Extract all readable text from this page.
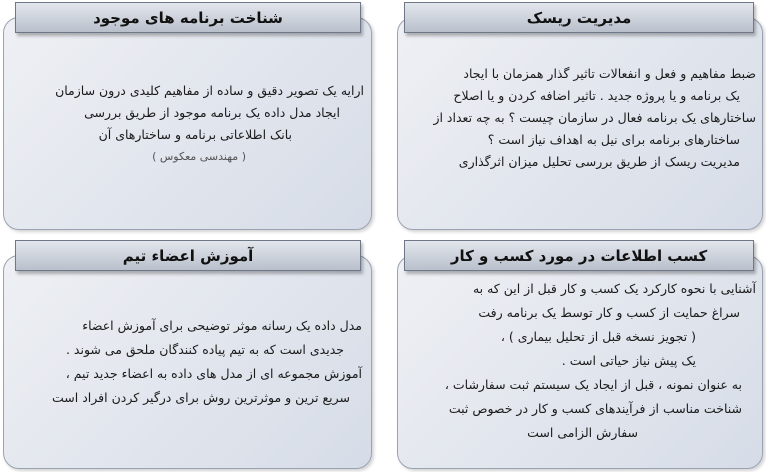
ضبط مفاهیم و فعل و انفعالات تاثیر گذار همزمان با ایجاد
یک برنامه و یا پروژه جدید . تاثیر اضافه کردن و یا اصلاح
ساختارهای یک برنامه فعال در سازمان چیست ؟ به چه تعداد از
ساختارهای برنامه برای نیل به اهداف نیاز است ؟
مدیریت ریسک از طریق بررسی تحلیل میزان اثرگذاری
مدیریت ریسک
ارایه یک تصویر دقیق و ساده از مفاهیم کلیدی درون سازمان
ایجاد مدل داده یک برنامه موجود از طریق بررسی
بانک اطلاعاتی برنامه و ساختارهای آن
( مهندسی معکوس )
شناخت برنامه های موجود
آشنایی با نحوه کارکرد یک کسب و کار قبل از این که به
سراغ حمایت از کسب و کار توسط یک برنامه رفت
( تجویز نسخه قبل از تحلیل بیماری ) ،
یک پیش نیاز حیاتی است .
به عنوان نمونه ، قبل از ایجاد یک سیستم ثبت سفارشات ،
شناخت مناسب از فرآیندهای کسب و کار در خصوص ثبت
سفارش الزامی است
کسب اطلاعات در مورد کسب و کار
مدل داده یک رسانه موثر توضیحی برای آموزش اعضاء
جدیدی است که به تیم پیاده کنندگان ملحق می شوند .
آموزش مجموعه ای از مدل های داده به اعضاء جدید تیم ،
سریع ترین و موثرترین روش برای درگیر کردن افراد است
آموزش اعضاء تیم
